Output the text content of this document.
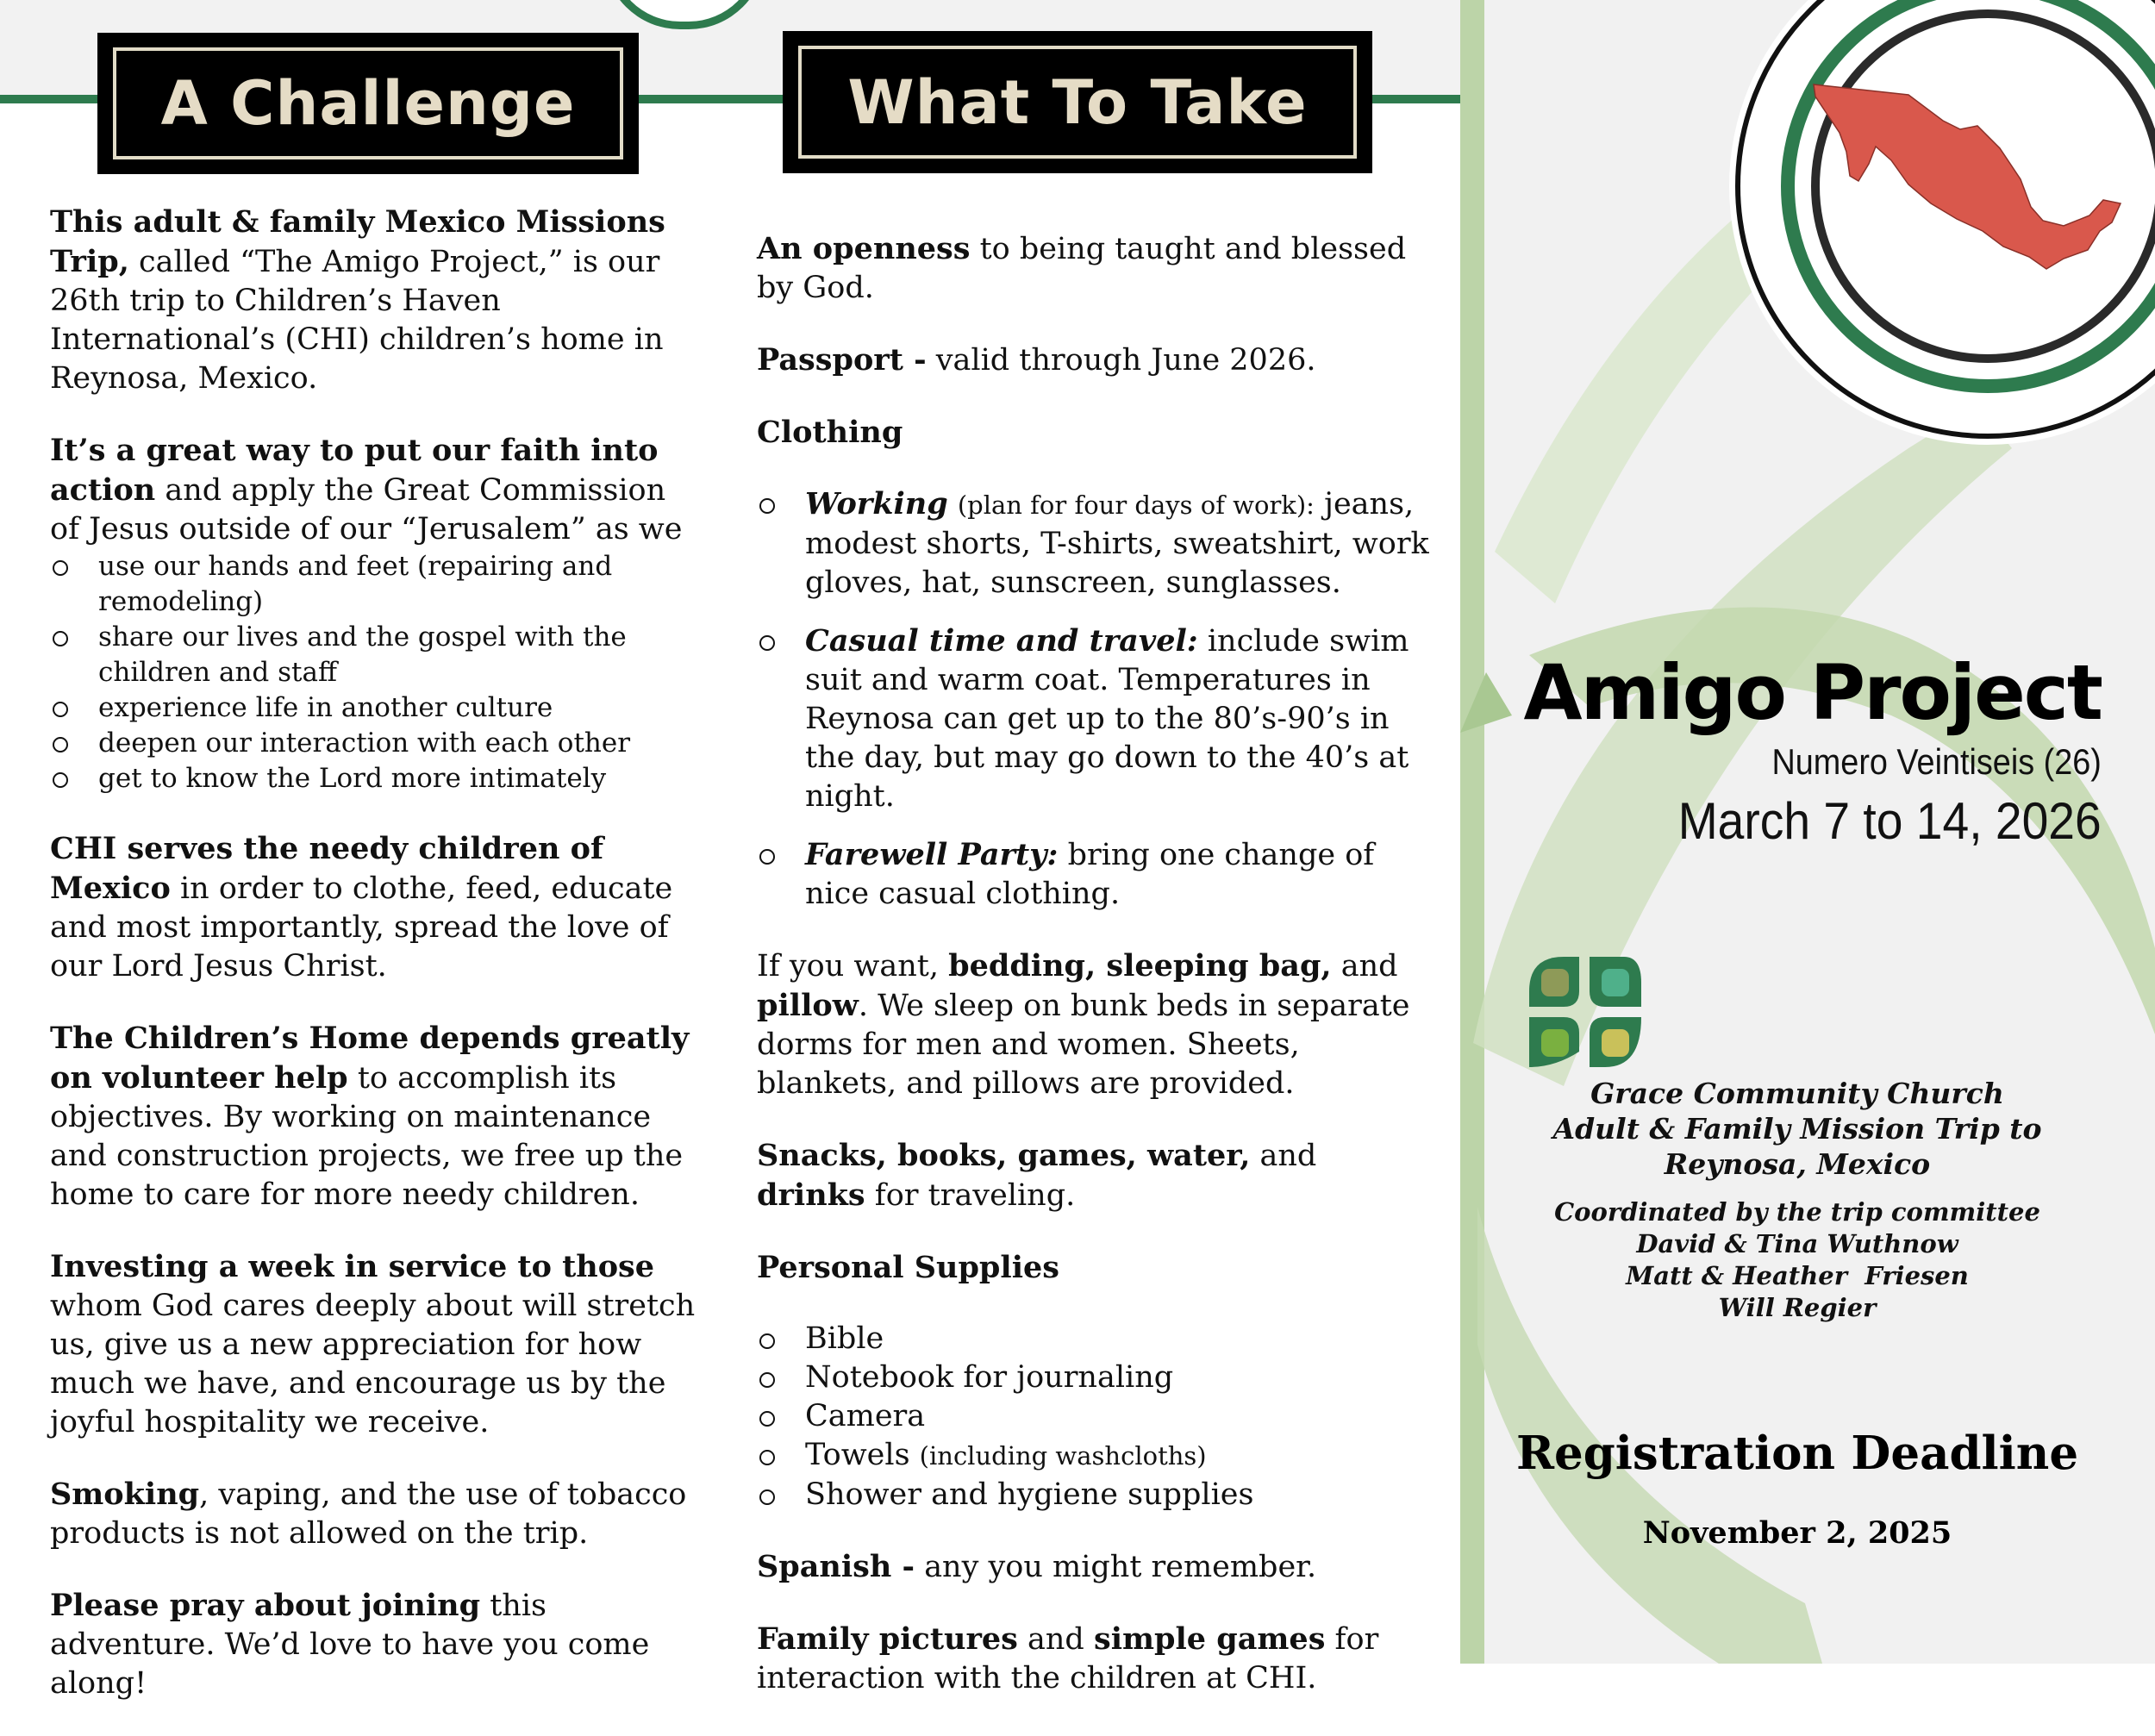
A Challenge

This adult & family Mexico Missions Trip, called “The Amigo Project,” is our 26th trip to Children’s Haven International’s (CHI) children’s home in Reynosa, Mexico.

It’s a great way to put our faith into action and apply the Great Commission of Jesus outside of our “Jerusalem” as we

use our hands and feet (repairing and remodeling)
share our lives and the gospel with the children and staff
experience life in another culture
deepen our interaction with each other
get to know the Lord more intimately

CHI serves the needy children of Mexico in order to clothe, feed, educate and most importantly, spread the love of our Lord Jesus Christ.

The Children’s Home depends greatly on volunteer help to accomplish its objectives. By working on maintenance and construction projects, we free up the home to care for more needy children.

Investing a week in service to those whom God cares deeply about will stretch us, give us a new appreciation for how much we have, and encourage us by the joyful hospitality we receive.

Smoking, vaping, and the use of tobacco products is not allowed on the trip.

Please pray about joining this adventure. We’d love to have you come along!

What To Take

An openness to being taught and blessed by God.

Passport - valid through June 2026.

Clothing

Working (plan for four days of work): jeans, modest shorts, T-shirts, sweatshirt, work gloves, hat, sunscreen, sunglasses.
Casual time and travel: include swim suit and warm coat. Temperatures in Reynosa can get up to the 80’s-90’s in the day, but may go down to the 40’s at night.
Farewell Party: bring one change of nice casual clothing.

If you want, bedding, sleeping bag, and pillow. We sleep on bunk beds in separate dorms for men and women. Sheets, blankets, and pillows are provided.

Snacks, books, games, water, and drinks for traveling.

Personal Supplies

Bible
Notebook for journaling
Camera
Towels (including washcloths)
Shower and hygiene supplies

Spanish - any you might remember.

Family pictures and simple games for interaction with the children at CHI.

Amigo Project
Numero Veintiseis (26)
March 7 to 14, 2026
Grace Community Church
Adult & Family Mission Trip to
Reynosa, Mexico
Coordinated by the trip committee
David & Tina Wuthnow
Matt & Heather  Friesen
Will Regier
Registration Deadline
November 2, 2025
